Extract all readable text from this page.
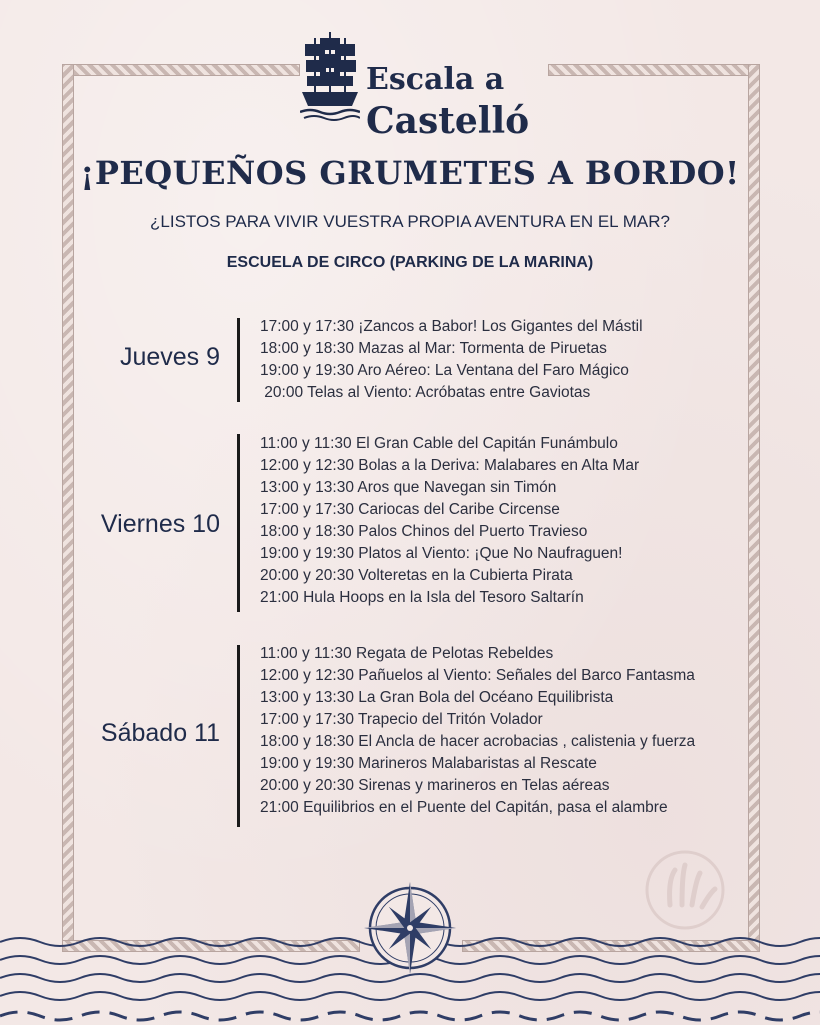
Escala a
Castelló
¡PEQUEÑOS GRUMETES A BORDO!
¿LISTOS PARA VIVIR VUESTRA PROPIA AVENTURA EN EL MAR?
ESCUELA DE CIRCO (PARKING DE LA MARINA)
Jueves 9
17:00 y 17:30 ¡Zancos a Babor! Los Gigantes del Mástil
18:00 y 18:30 Mazas al Mar: Tormenta de Piruetas
19:00 y 19:30 Aro Aéreo: La Ventana del Faro Mágico
20:00 Telas al Viento: Acróbatas entre Gaviotas
Viernes 10
11:00 y 11:30 El Gran Cable del Capitán Funámbulo
12:00 y 12:30 Bolas a la Deriva: Malabares en Alta Mar
13:00 y 13:30 Aros que Navegan sin Timón
17:00 y 17:30 Cariocas del Caribe Circense
18:00 y 18:30 Palos Chinos del Puerto Travieso
19:00 y 19:30 Platos al Viento: ¡Que No Naufraguen!
20:00 y 20:30 Volteretas en la Cubierta Pirata
21:00 Hula Hoops en la Isla del Tesoro Saltarín
Sábado 11
11:00 y 11:30 Regata de Pelotas Rebeldes
12:00 y 12:30 Pañuelos al Viento: Señales del Barco Fantasma
13:00 y 13:30 La Gran Bola del Océano Equilibrista
17:00 y 17:30 Trapecio del Tritón Volador
18:00 y 18:30 El Ancla de hacer acrobacias , calistenia y fuerza
19:00 y 19:30 Marineros Malabaristas al Rescate
20:00 y 20:30 Sirenas y marineros en Telas aéreas
21:00 Equilibrios en el Puente del Capitán, pasa el alambre
